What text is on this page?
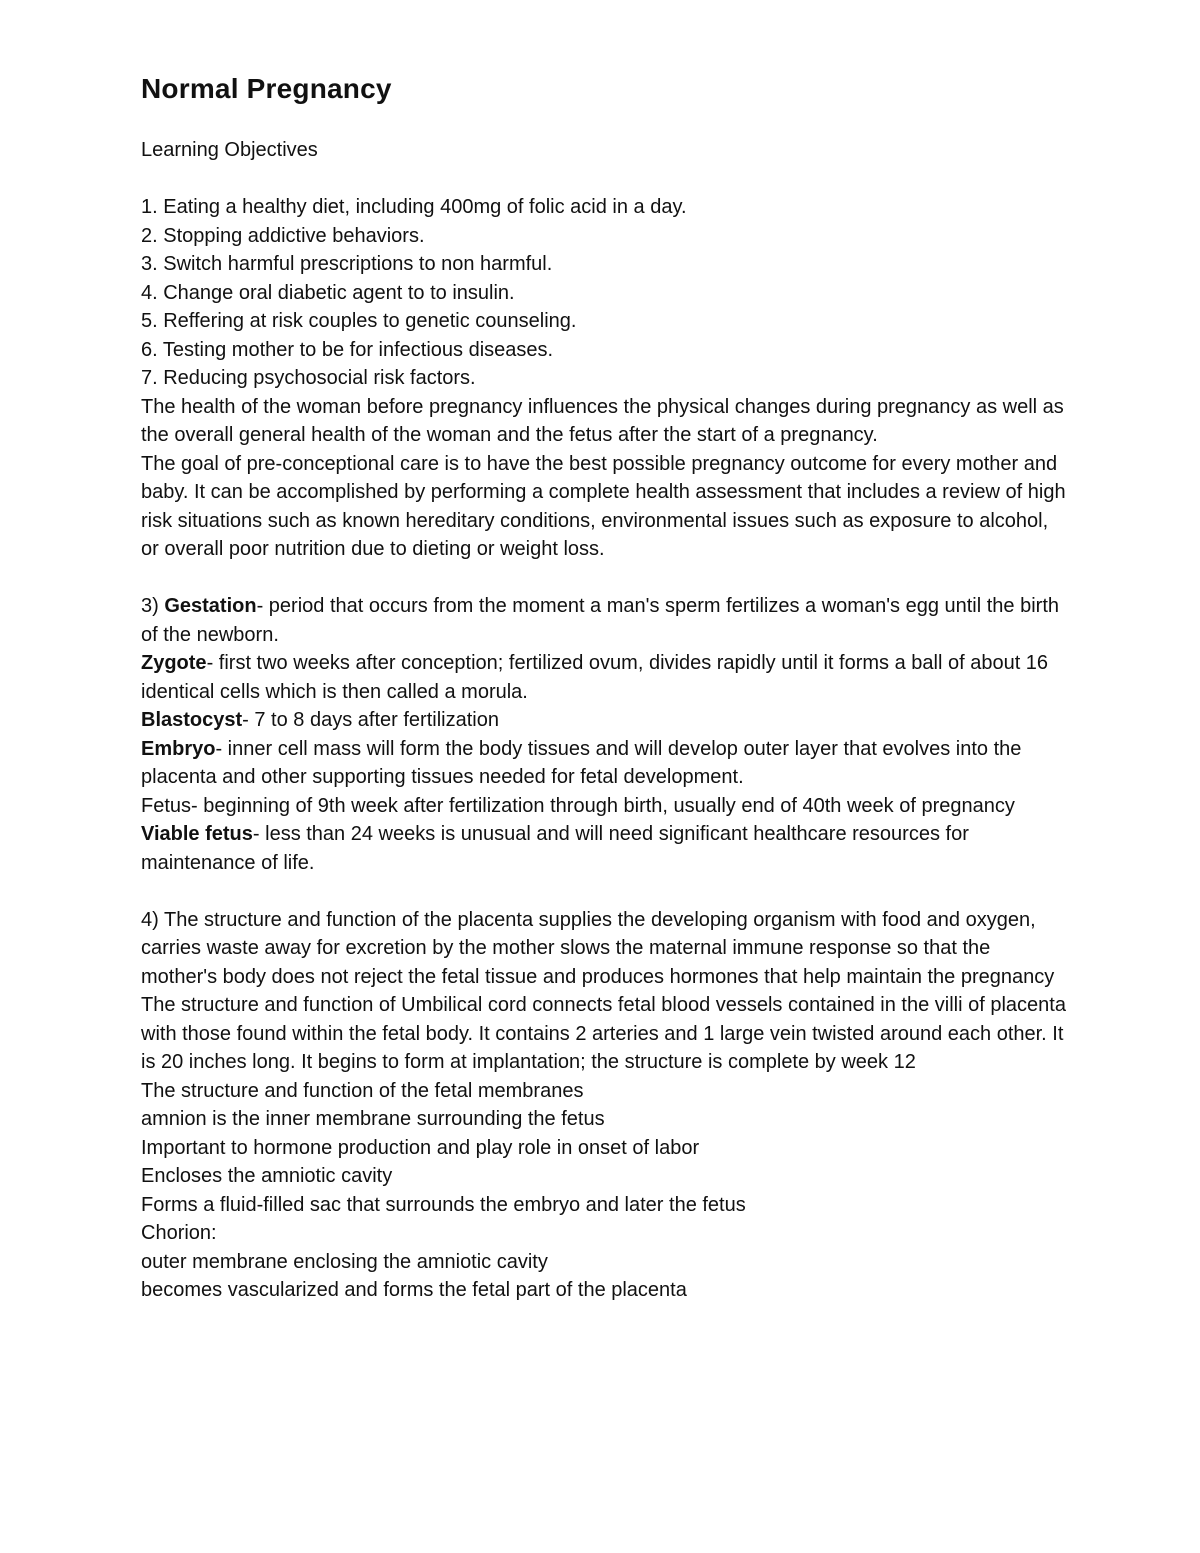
Normal Pregnancy

Learning Objectives

1. Eating a healthy diet, including 400mg of folic acid in a day.

2. Stopping addictive behaviors.

3. Switch harmful prescriptions to non harmful.

4. Change oral diabetic agent to to insulin.

5. Reffering at risk couples to genetic counseling.

6. Testing mother to be for infectious diseases.

7. Reducing psychosocial risk factors.

The health of the woman before pregnancy influences the physical changes during pregnancy as well as the overall general health of the woman and the fetus after the start of a pregnancy.

The goal of pre-conceptional care is to have the best possible pregnancy outcome for every mother and baby. It can be accomplished by performing a complete health assessment that includes a review of high risk situations such as known hereditary conditions, environmental issues such as exposure to alcohol, or overall poor nutrition due to dieting or weight loss.

3) Gestation- period that occurs from the moment a man's sperm fertilizes a woman's egg until the birth of the newborn.

Zygote- first two weeks after conception; fertilized ovum, divides rapidly until it forms a ball of about 16 identical cells which is then called a morula.

Blastocyst- 7 to 8 days after fertilization

Embryo- inner cell mass will form the body tissues and will develop outer layer that evolves into the placenta and other supporting tissues needed for fetal development.

Fetus- beginning of 9th week after fertilization through birth, usually end of 40th week of pregnancy

Viable fetus- less than 24 weeks is unusual and will need significant healthcare resources for maintenance of life.

4) The structure and function of the placenta supplies the developing organism with food and oxygen, carries waste away for excretion by the mother slows the maternal immune response so that the mother's body does not reject the fetal tissue and produces hormones that help maintain the pregnancy

The structure and function of Umbilical cord connects fetal blood vessels contained in the villi of placenta with those found within the fetal body. It contains 2 arteries and 1 large vein twisted around each other. It is 20 inches long. It begins to form at implantation; the structure is complete by week 12

The structure and function of the fetal membranes

amnion is the inner membrane surrounding the fetus

Important to hormone production and play role in onset of labor

Encloses the amniotic cavity

Forms a fluid-filled sac that surrounds the embryo and later the fetus

Chorion:

outer membrane enclosing the amniotic cavity

becomes vascularized and forms the fetal part of the placenta
